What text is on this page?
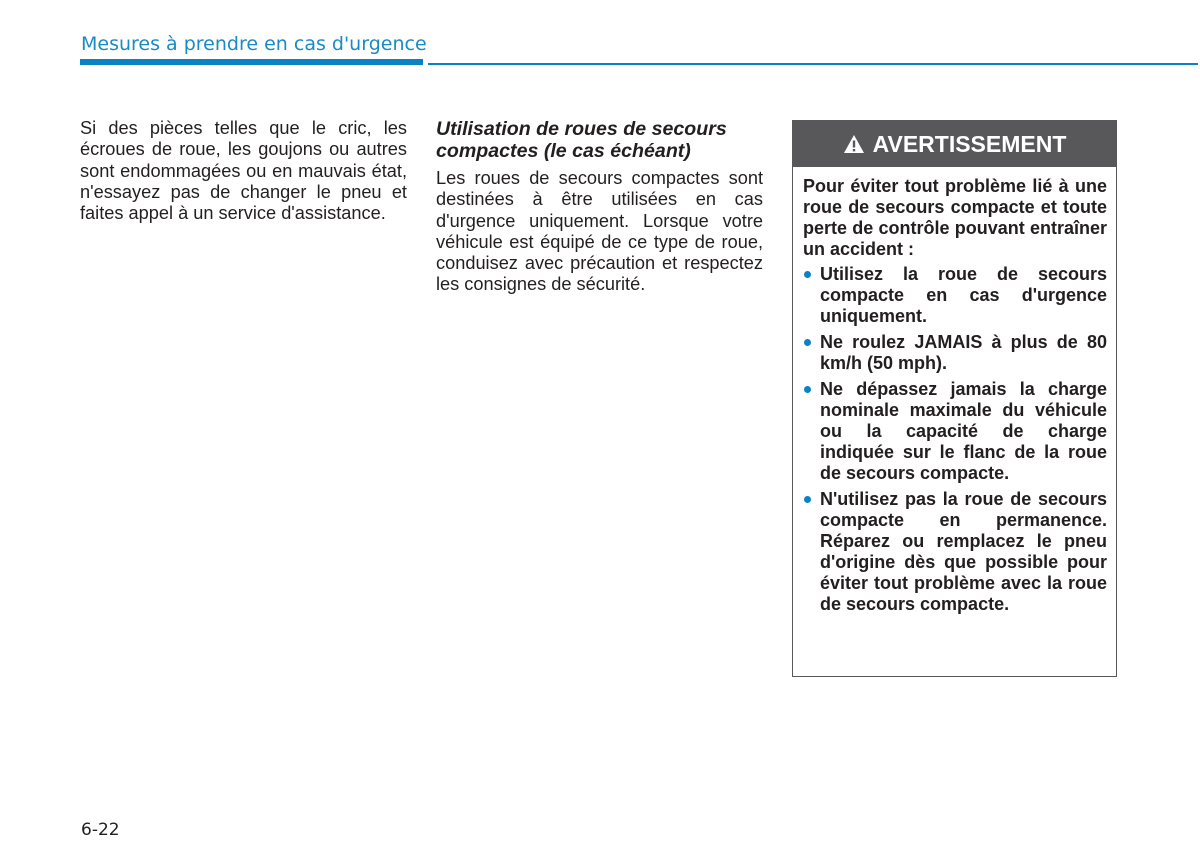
Mesures à prendre en cas d'urgence
Si des pièces telles que le cric, les écroues de roue, les goujons ou autres sont endommagées ou en mauvais état, n'essayez pas de changer le pneu et faites appel à un service d'assistance.
Utilisation de roues de secours compactes (le cas échéant)

Les roues de secours compactes sont destinées à être utilisées en cas d'urgence uniquement. Lorsque votre véhicule est équipé de ce type de roue, conduisez avec précaution et respectez les consignes de sécurité.

AVERTISSEMENT

Pour éviter tout problème lié à une roue de secours compacte et toute perte de contrôle pouvant entraîner un accident :

Utilisez la roue de secours compacte en cas d'urgence uniquement.
Ne roulez JAMAIS à plus de 80 km/h (50 mph).
Ne dépassez jamais la charge nominale maximale du véhicule ou la capacité de charge indiquée sur le flanc de la roue de secours compacte.
N'utilisez pas la roue de secours compacte en permanence. Réparez ou remplacez le pneu d'origine dès que possible pour éviter tout problème avec la roue de secours compacte.
6-22
